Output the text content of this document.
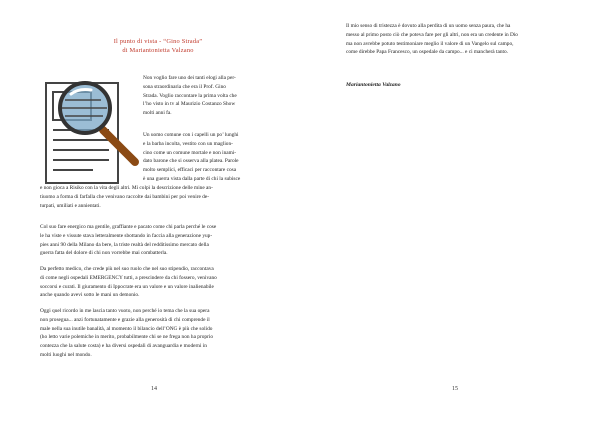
Il punto di vista - “Gino Strada”
di Mariantonietta Valzano
Non voglio fare uno dei tanti elogi alla per-
sona straordinaria che era il Prof. Gino
Strada. Voglio raccontare la prima volta che
l’ho visto in tv al Maurizio Costanzo Show
molti anni fa.
Un uomo comune con i capelli un po’ lunghi
e la barba incolta, vestito con un maglion-
cino come un comune mortale e non inami-
dato barone che si osserva alla platea. Parole
molto semplici, efficaci per raccontare cosa
è una guerra vista dalla parte di chi la subisce
e non gioca a Risiko con la vita degli altri. Mi colpì la descrizione delle mine an-
tiuomo a forma di farfalla che venivano raccolte dai bambini per poi venire de-
turpati, umiliati e annientati.
Col suo fare energico ma gentile, graffiante e pacato come chi parla perché le cose
le ha viste e vissute stava letteralmente sbottando in faccia alla generazione yup-
pies anni 90 della Milano da bere, la triste realtà del redditissimo mercato della
guerra fatta del dolore di chi non vorrebbe mai combatterla.
Da perfetto medico, che crede più nel suo ruolo che nel suo stipendio, raccontava
di come negli ospedali EMERGENCY tutti, a prescindere da chi fossero, venivano
soccorsi e curati. Il giuramento di Ippocrate era un valore e un valore inalienabile
anche quando avevi sotto le mani un demonio.
Oggi quel ricordo in me lascia tanto vuoto, non perché io tema che la sua opera
non prosegua... anzi fortunatamente e grazie alla generosità di chi comprende il
male nella sua inutile banalità, al momento il bilancio dell’ONG è più che solido
(ho letto varie polemiche in merito, probabilmente chi se ne frega non ha proprio
contezza che la salute costa) e ha diversi ospedali di avanguardia e moderni in
molti luoghi nel mondo.
14
Il mio senso di tristezza è dovuto alla perdita di un uomo senza paura, che ha
messo al primo posto ciò che poteva fare per gli altri, non era un credente in Dio
ma non avrebbe potuto testimoniare meglio il valore di un Vangelo sul campo,
come direbbe Papa Francesco, un ospedale da campo... e ci mancherà tanto.
Mariantonietta Valzano
15
